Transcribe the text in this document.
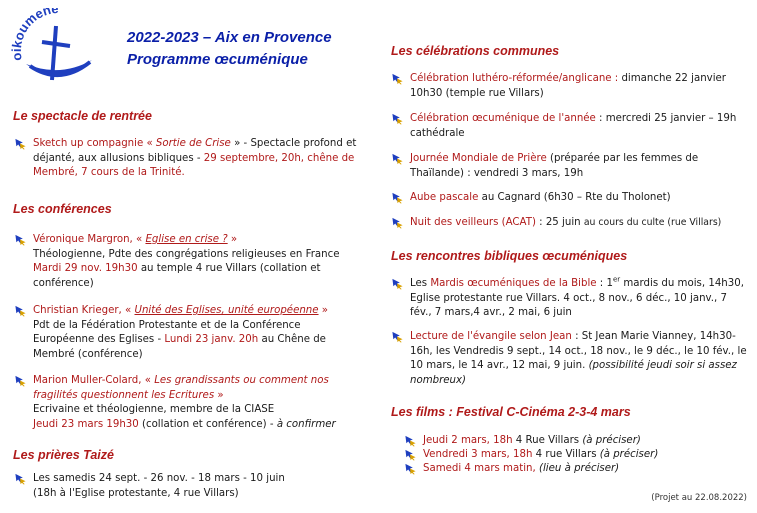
oikoumene
2022-2023 – Aix en Provence
Programme œcuménique
Le spectacle de rentrée
Sketch up compagnie « Sortie de Crise » - Spectacle profond et déjanté, aux allusions bibliques - 29 septembre, 20h, chêne de Membré, 7 cours de la Trinité.
Les conférences
Véronique Margron, « Eglise en crise ? »
Théologienne, Pdte des congrégations religieuses en France
Mardi 29 nov. 19h30 au temple 4 rue Villars (collation et conférence)
Christian Krieger, « Unité des Eglises, unité européenne »
Pdt de la Fédération Protestante et de la Conférence Européenne des Eglises - Lundi 23 janv. 20h au Chêne de Membré (conférence)
Marion Muller-Colard, « Les grandissants ou comment nos fragilités questionnent les Ecritures »
Ecrivaine et théologienne, membre de la CIASE
Jeudi 23 mars 19h30 (collation et conférence) - à confirmer
Les prières Taizé
Les samedis 24 sept. - 26 nov. - 18 mars - 10 juin
(18h à l'Eglise protestante, 4 rue Villars)
Les célébrations communes
Célébration luthéro-réformée/anglicane : dimanche 22 janvier 10h30 (temple rue Villars)
Célébration œcuménique de l'année : mercredi 25 janvier – 19h cathédrale
Journée Mondiale de Prière (préparée par les femmes de Thaïlande) : vendredi 3 mars, 19h
Aube pascale au Cagnard (6h30 – Rte du Tholonet)
Nuit des veilleurs (ACAT) : 25 juin au cours du culte (rue Villars)
Les rencontres bibliques œcuméniques
Les Mardis œcuméniques de la Bible : 1er mardis du mois, 14h30, Eglise protestante rue Villars. 4 oct., 8 nov., 6 déc., 10 janv., 7 fév., 7 mars,4 avr., 2 mai, 6 juin
Lecture de l'évangile selon Jean : St Jean Marie Vianney, 14h30-16h, les Vendredis 9 sept., 14 oct., 18 nov., le 9 déc., le 10 fév., le 10 mars, le 14 avr., 12 mai, 9 juin. (possibilité jeudi soir si assez nombreux)
Les films : Festival C-Cinéma 2-3-4 mars
Jeudi 2 mars, 18h 4 Rue Villars (à préciser)
Vendredi 3 mars, 18h 4 rue Villars (à préciser)
Samedi 4 mars matin, (lieu à préciser)
(Projet au 22.08.2022)
